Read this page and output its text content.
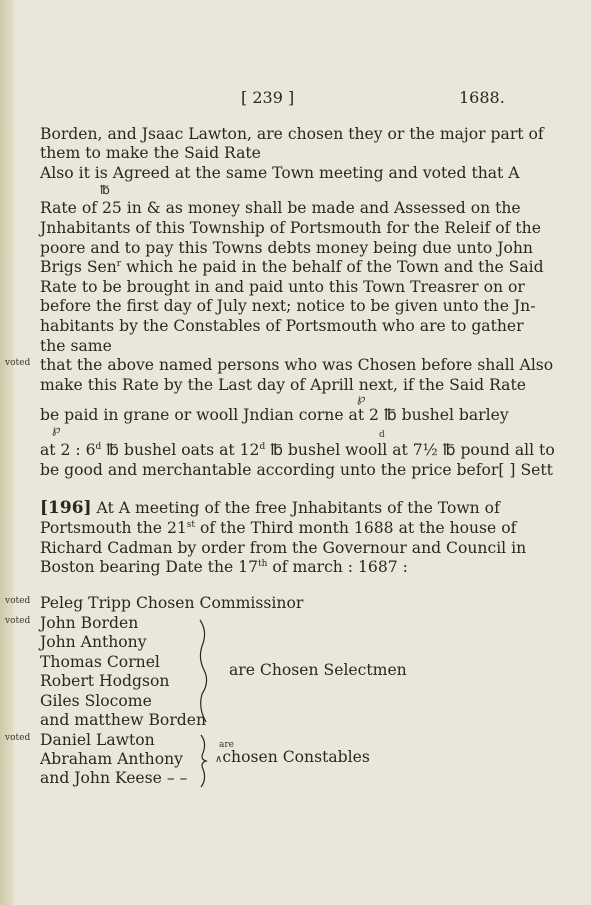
[ 239 ]	1688.
Borden, and Jsaac Lawton, are chosen they or the major part of
them to make the Said Rate
Also it is Agreed at the same Town meeting and voted that A
℔
Rate of 25 in & as money shall be made and Assessed on the
Jnhabitants of this Township of Portsmouth for the Releif of the
poore and to pay this Towns debts money being due unto John
Brigs Sen$^r$ which he paid in the behalf of the Town and the Said
Rate to be brought in and paid unto this Town Treasrer on or
before the first day of July next; notice to be given unto the Jn-
habitants by the Constables of Portsmouth who are to gather
the same
voted that the above named persons who was Chosen before shall Also
make this Rate by the Last day of Aprill next, if the Said Rate
℘
be paid in grane or wooll Jndian corne at 2 ℔ bushel barley
℘	d
at 2 : 6$^d$ ℔ bushel oats at 12$^d$ ℔ bushel wooll at 7½ ℔ pound all to
be good and merchantable according unto the price befor[ ] Sett
[196] At A meeting of the free Jnhabitants of the Town of
Portsmouth the 21st of the Third month 1688 at the house of
Richard Cadman by order from the Governour and Council in
Boston bearing Date the 17th of march : 1687 :
voted Peleg Tripp Chosen Commissinor
voted John Borden
John Anthony
Thomas Cornel
Robert Hodgson
Giles Slocome
and matthew Borden
are Chosen Selectmen
voted Daniel Lawton
Abraham Anthony
and John Keese – –
are
∧chosen Constables
